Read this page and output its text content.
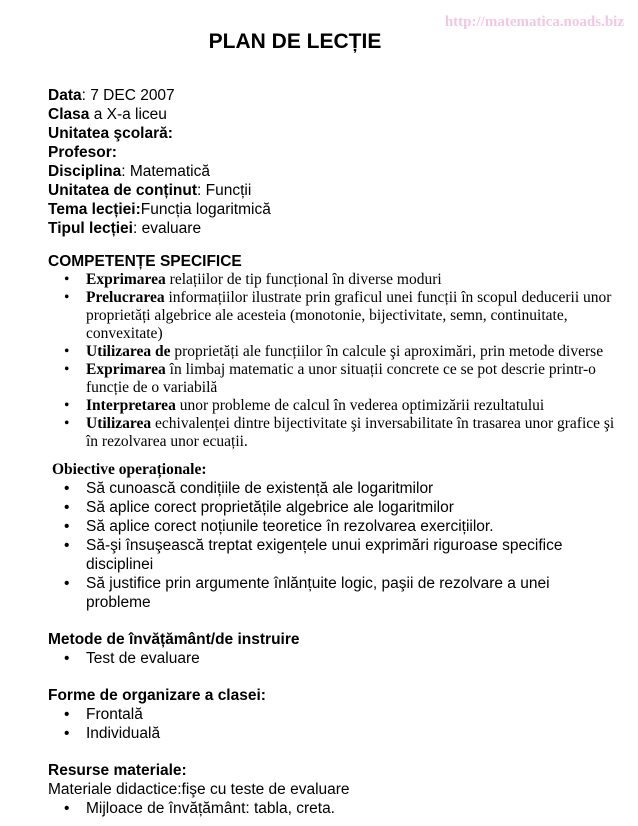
http://matematica.noads.biz
PLAN DE LECȚIE

Data: 7 DEC 2007

Clasa a X-a liceu

Unitatea şcolară:

Profesor:

Disciplina: Matematică

Unitatea de conținut: Funcții

Tema lecției:Funcția logaritmică

Tipul lecției: evaluare

COMPETENȚE SPECIFICE
• Exprimarea relațiilor de tip funcțional în diverse moduri
• Prelucrarea informațiilor ilustrate prin graficul unei funcții în scopul deducerii unor proprietăți algebrice ale acesteia (monotonie, bijectivitate, semn, continuitate, convexitate)
• Utilizarea de proprietăți ale funcțiilor în calcule şi aproximări, prin metode diverse
• Exprimarea în limbaj matematic a unor situații concrete ce se pot descrie printr-o funcție de o variabilă
• Interpretarea unor probleme de calcul în vederea optimizării rezultatului
• Utilizarea echivalenței dintre bijectivitate şi inversabilitate în trasarea unor grafice şi în rezolvarea unor ecuații.
Obiective operaționale:
• Să cunoască condițiile de existență ale logaritmilor
• Să aplice corect proprietățile algebrice ale logaritmilor
• Să aplice corect noțiunile teoretice în rezolvarea exercițiilor.
• Să-şi însuşească treptat exigențele unui exprimări riguroase specifice disciplinei
• Să justifice prin argumente înlănțuite logic, paşii de rezolvare a unei probleme
Metode de învățământ/de instruire
• Test de evaluare
Forme de organizare a clasei:
• Frontală
• Individuală
Resurse materiale:
Materiale didactice:fişe cu teste de evaluare
• Mijloace de învățământ: tabla, creta.
